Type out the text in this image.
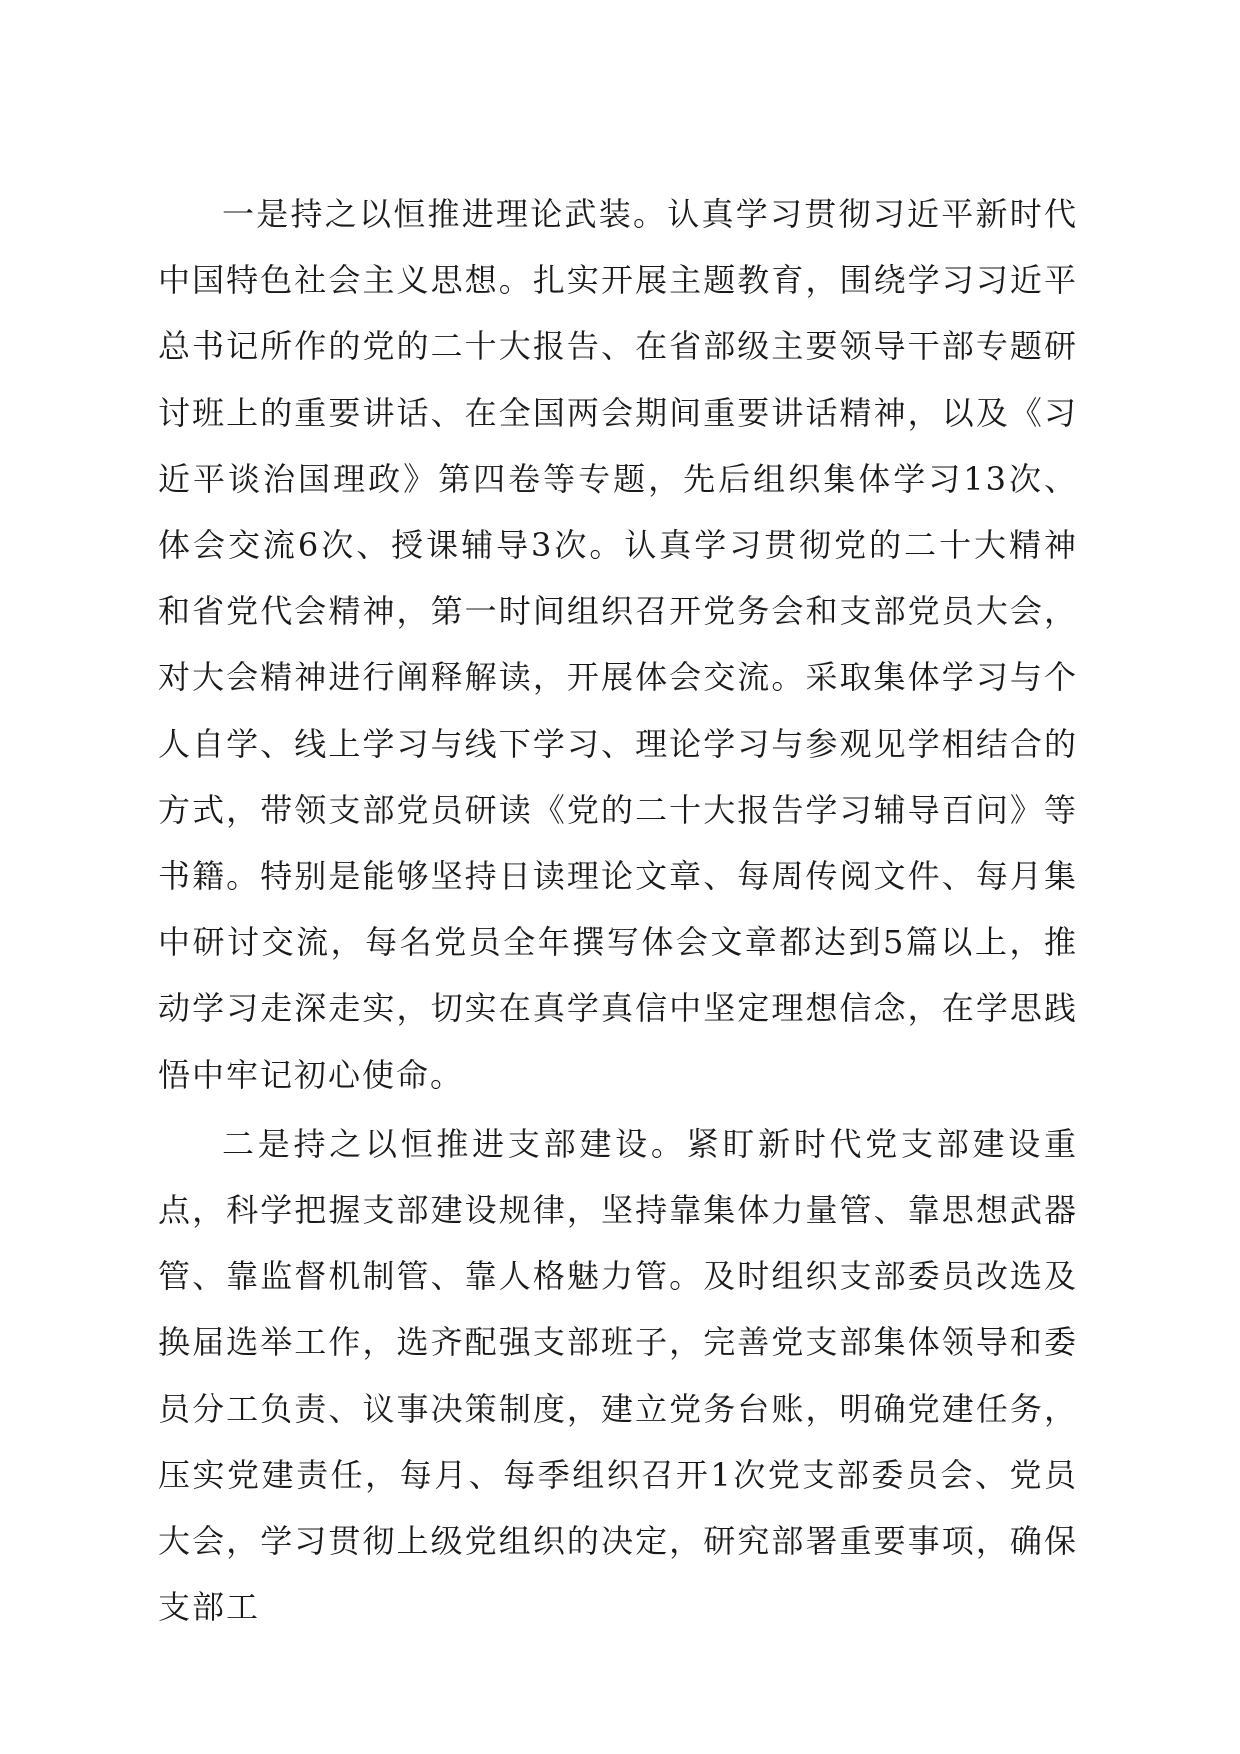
一是持之以恒推进理论武装。认真学习贯彻习近平新时代中国特色社会主义思想。扎实开展主题教育，围绕学习习近平总书记所作的党的二十大报告、在省部级主要领导干部专题研讨班上的重要讲话、在全国两会期间重要讲话精神，以及《习近平谈治国理政》第四卷等专题，先后组织集体学习13次、体会交流6次、授课辅导3次。认真学习贯彻党的二十大精神和省党代会精神，第一时间组织召开党务会和支部党员大会，对大会精神进行阐释解读，开展体会交流。采取集体学习与个人自学、线上学习与线下学习、理论学习与参观见学相结合的方式，带领支部党员研读《党的二十大报告学习辅导百问》等书籍。特别是能够坚持日读理论文章、每周传阅文件、每月集中研讨交流，每名党员全年撰写体会文章都达到5篇以上，推动学习走深走实，切实在真学真信中坚定理想信念，在学思践悟中牢记初心使命。

二是持之以恒推进支部建设。紧盯新时代党支部建设重点，科学把握支部建设规律，坚持靠集体力量管、靠思想武器管、靠监督机制管、靠人格魅力管。及时组织支部委员改选及换届选举工作，选齐配强支部班子，完善党支部集体领导和委员分工负责、议事决策制度，建立党务台账，明确党建任务，压实党建责任，每月、每季组织召开1次党支部委员会、党员大会，学习贯彻上级党组织的决定，研究部署重要事项，确保支部工
